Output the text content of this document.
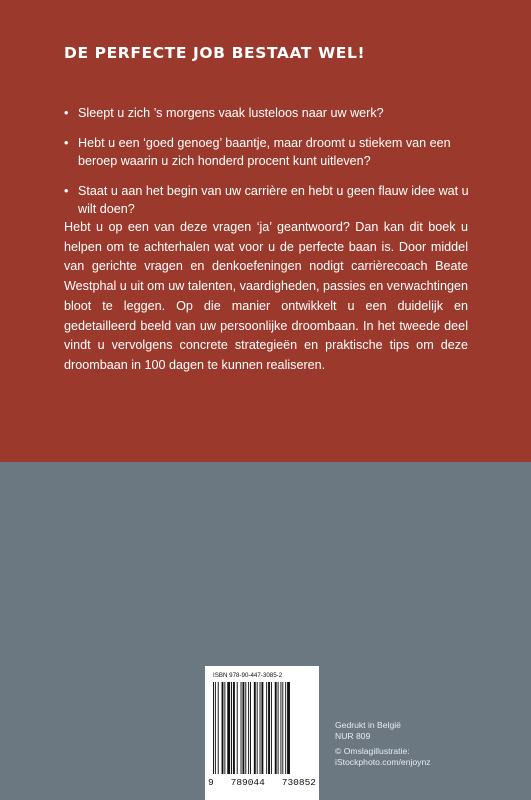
DE PERFECTE JOB BESTAAT WEL!
• Sleept u zich ’s morgens vaak lusteloos naar uw werk?
• Hebt u een ‘goed genoeg’ baantje, maar droomt u stiekem van een beroep waarin u zich honderd procent kunt uitleven?
• Staat u aan het begin van uw carrière en hebt u geen flauw idee wat u wilt doen?

Hebt u op een van deze vragen ‘ja’ geantwoord? Dan kan dit boek u helpen om te achterhalen wat voor u de perfecte baan is. Door middel van gerichte vragen en denkoefeningen nodigt carrièrecoach Beate Westphal u uit om uw talenten, vaardigheden, passies en verwachtingen bloot te leggen. Op die manier ontwikkelt u een duidelijk en gedetailleerd beeld van uw persoonlijke droombaan. In het tweede deel vindt u vervolgens concrete strategieën en praktische tips om deze droombaan in 100 dagen te kunnen realiseren.

ISBN 978-90-447-3085-2
9 789044 730852
Gedrukt in België
NUR 809
© Omslagillustratie:
iStockphoto.com/enjoynz
